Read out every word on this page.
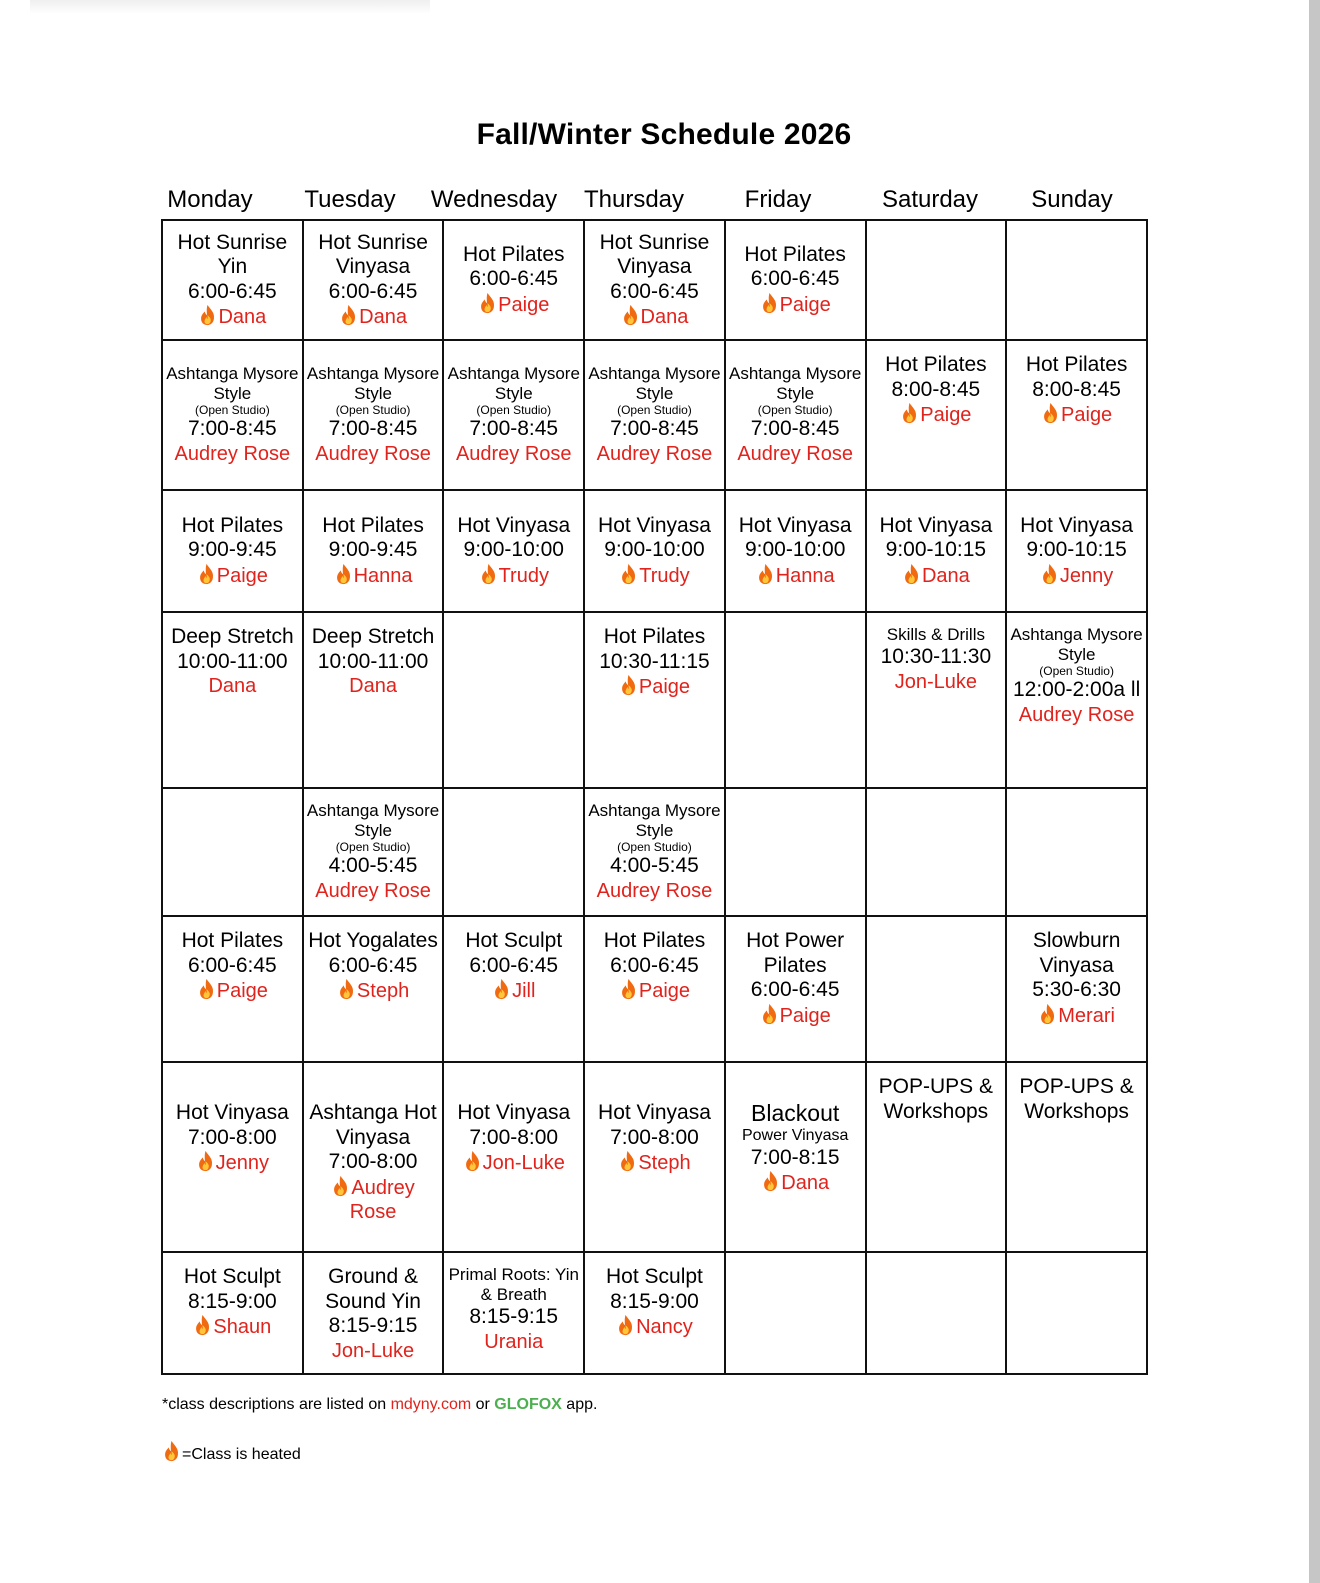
Fall/Winter Schedule 2026
Monday	Tuesday	Wednesday	Thursday	Friday	Saturday	Sunday
Hot Sunrise Yin
6:00-6:45
Dana	Hot Sunrise Vinyasa
6:00-6:45
Dana	Hot Pilates
6:00-6:45
Paige	Hot Sunrise Vinyasa
6:00-6:45
Dana	Hot Pilates
6:00-6:45
Paige		

Ashtanga Mysore Style
(Open Studio)
7:00-8:45
Audrey Rose	Ashtanga Mysore Style
(Open Studio)
7:00-8:45
Audrey Rose	Ashtanga Mysore Style
(Open Studio)
7:00-8:45
Audrey Rose	Ashtanga Mysore Style
(Open Studio)
7:00-8:45
Audrey Rose	Ashtanga Mysore Style
(Open Studio)
7:00-8:45
Audrey Rose	Hot Pilates
8:00-8:45
Paige	Hot Pilates
8:00-8:45
Paige

Hot Pilates
9:00-9:45
Paige	Hot Pilates
9:00-9:45
Hanna	Hot Vinyasa
9:00-10:00
Trudy	Hot Vinyasa
9:00-10:00
Trudy	Hot Vinyasa
9:00-10:00
Hanna	Hot Vinyasa
9:00-10:15
Dana	Hot Vinyasa
9:00-10:15
Jenny

Deep Stretch
10:00-11:00
Dana	Deep Stretch
10:00-11:00
Dana		Hot Pilates
10:30-11:15
Paige		Skills & Drills
10:30-11:30
Jon-Luke	Ashtanga Mysore Style
(Open Studio)
12:00-2:00a ll
Audrey Rose

	Ashtanga Mysore Style
(Open Studio)
4:00-5:45
Audrey Rose		Ashtanga Mysore Style
(Open Studio)
4:00-5:45
Audrey Rose			

Hot Pilates
6:00-6:45
Paige	Hot Yogalates
6:00-6:45
Steph	Hot Sculpt
6:00-6:45
Jill	Hot Pilates
6:00-6:45
Paige	Hot Power Pilates
6:00-6:45
Paige		Slowburn Vinyasa
5:30-6:30
Merari

Hot Vinyasa
7:00-8:00
Jenny	Ashtanga Hot Vinyasa
7:00-8:00
Audrey Rose	Hot Vinyasa
7:00-8:00
Jon-Luke	Hot Vinyasa
7:00-8:00
Steph	Blackout
Power Vinyasa
7:00-8:15
Dana	POP-UPS & Workshops	POP-UPS & Workshops

Hot Sculpt
8:15-9:00
Shaun	Ground & Sound Yin
8:15-9:15
Jon-Luke	Primal Roots: Yin & Breath
8:15-9:15
Urania	Hot Sculpt
8:15-9:00
Nancy			

*class descriptions are listed on mdyny.com or GLOFOX app.
=Class is heated
